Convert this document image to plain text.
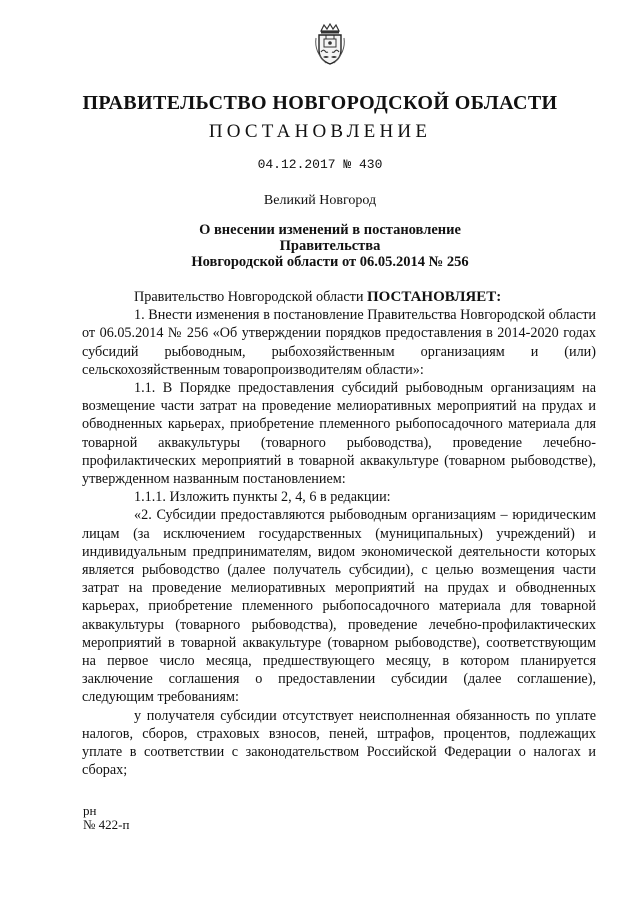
ПРАВИТЕЛЬСТВО НОВГОРОДСКОЙ ОБЛАСТИ
ПОСТАНОВЛЕНИЕ
04.12.2017 № 430
Великий Новгород
О внесении изменений в постановление Правительства
Новгородской области от 06.05.2014 № 256

Правительство Новгородской области ПОСТАНОВЛЯЕТ:

1. Внести изменения в постановление Правительства Новгородской области от 06.05.2014 № 256 «Об утверждении порядков предоставления в 2014-2020 годах субсидий рыбоводным, рыбохозяйственным организациям и (или) сельскохозяйственным товаропроизводителям области»:

1.1. В Порядке предоставления субсидий рыбоводным организациям на возмещение части затрат на проведение мелиоративных мероприятий на прудах и обводненных карьерах, приобретение племенного рыбопосадочного материала для товарной аквакультуры (товарного рыбоводства), проведение лечебно-профилактических мероприятий в товарной аквакультуре (товарном рыбоводстве), утвержденном названным постановлением:

1.1.1. Изложить пункты 2, 4, 6 в редакции:

«2. Субсидии предоставляются рыбоводным организациям – юридическим лицам (за исключением государственных (муниципальных) учреждений) и индивидуальным предпринимателям, видом экономической деятельности которых является рыбоводство (далее получатель субсидии), с целью возмещения части затрат на проведение мелиоративных мероприятий на прудах и обводненных карьерах, приобретение племенного рыбопосадочного материала для товарной аквакультуры (товарного рыбоводства), проведение лечебно-профилактических мероприятий в товарной аквакультуре (товарном рыбоводстве), соответствующим на первое число месяца, предшествующего месяцу, в котором планируется заключение соглашения о предоставлении субсидии (далее соглашение), следующим требованиям:

у получателя субсидии отсутствует неисполненная обязанность по уплате налогов, сборов, страховых взносов, пеней, штрафов, процентов, подлежащих уплате в соответствии с законодательством Российской Федерации о налогах и сборах;

рн
№ 422-п
